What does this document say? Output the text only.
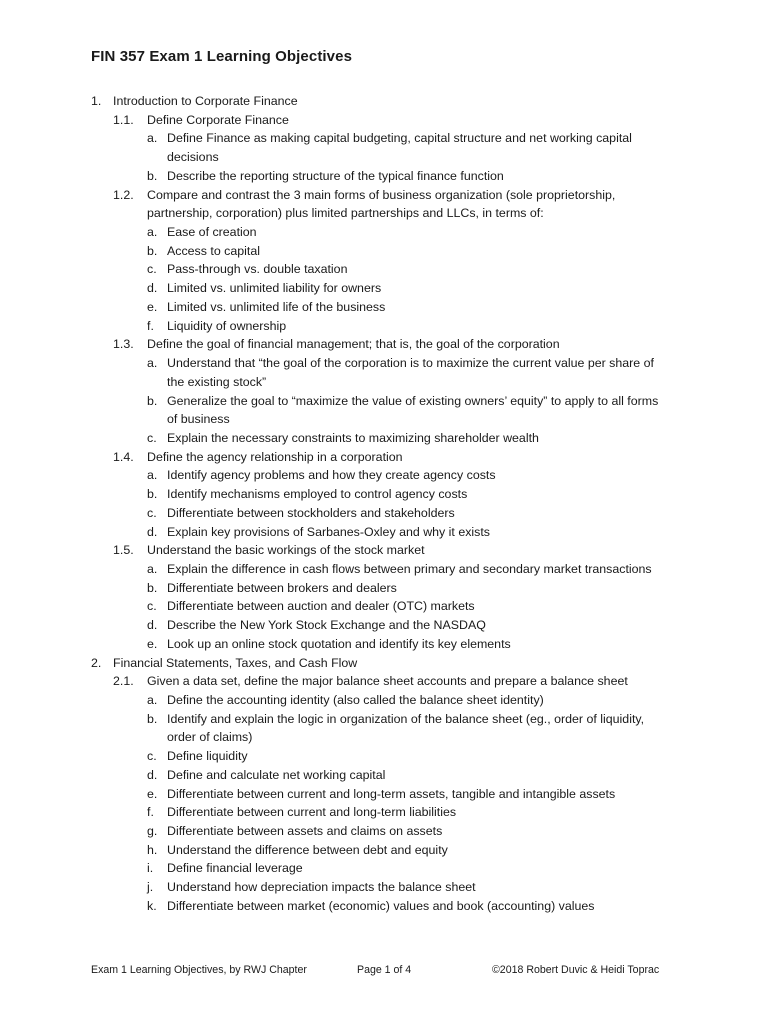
FIN 357 Exam 1 Learning Objectives
1. Introduction to Corporate Finance
1.1. Define Corporate Finance
a. Define Finance as making capital budgeting, capital structure and net working capital
decisions
b. Describe the reporting structure of the typical finance function
1.2. Compare and contrast the 3 main forms of business organization (sole proprietorship,
partnership, corporation) plus limited partnerships and LLCs, in terms of:
a. Ease of creation
b. Access to capital
c. Pass-through vs. double taxation
d. Limited vs. unlimited liability for owners
e. Limited vs. unlimited life of the business
f. Liquidity of ownership
1.3. Define the goal of financial management; that is, the goal of the corporation
a. Understand that “the goal of the corporation is to maximize the current value per share of
the existing stock”
b. Generalize the goal to “maximize the value of existing owners’ equity” to apply to all forms
of business
c. Explain the necessary constraints to maximizing shareholder wealth
1.4. Define the agency relationship in a corporation
a. Identify agency problems and how they create agency costs
b. Identify mechanisms employed to control agency costs
c. Differentiate between stockholders and stakeholders
d. Explain key provisions of Sarbanes-Oxley and why it exists
1.5. Understand the basic workings of the stock market
a. Explain the difference in cash flows between primary and secondary market transactions
b. Differentiate between brokers and dealers
c. Differentiate between auction and dealer (OTC) markets
d. Describe the New York Stock Exchange and the NASDAQ
e. Look up an online stock quotation and identify its key elements
2. Financial Statements, Taxes, and Cash Flow
2.1. Given a data set, define the major balance sheet accounts and prepare a balance sheet
a. Define the accounting identity (also called the balance sheet identity)
b. Identify and explain the logic in organization of the balance sheet (eg., order of liquidity,
order of claims)
c. Define liquidity
d. Define and calculate net working capital
e. Differentiate between current and long-term assets, tangible and intangible assets
f. Differentiate between current and long-term liabilities
g. Differentiate between assets and claims on assets
h. Understand the difference between debt and equity
i. Define financial leverage
j. Understand how depreciation impacts the balance sheet
k. Differentiate between market (economic) values and book (accounting) values
Exam 1 Learning Objectives, by RWJ Chapter	Page 1 of 4	©2018 Robert Duvic & Heidi Toprac
